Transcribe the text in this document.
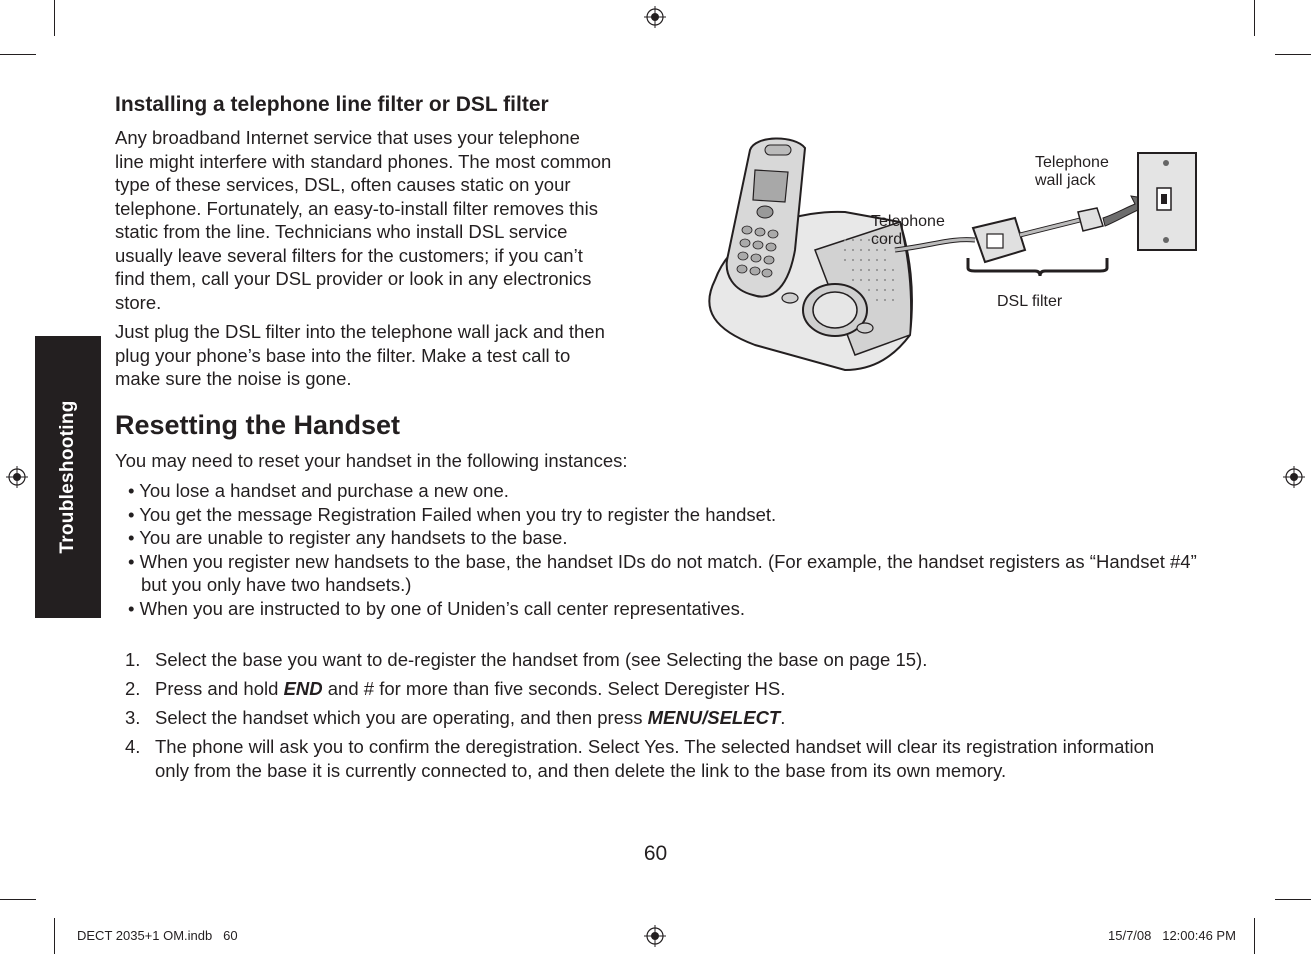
Troubleshooting
Installing a telephone line filter or DSL filter
Any broadband Internet service that uses your telephone
line might interfere with standard phones. The most common
type of these services, DSL, often causes static on your
telephone. Fortunately, an easy-to-install filter removes this
static from the line. Technicians who install DSL service
usually leave several filters for the customers; if you can’t
find them, call your DSL provider or look in any electronics
store.
Just plug the DSL filter into the telephone wall jack and then
plug your phone’s base into the filter. Make a test call to
make sure the noise is gone.
Telephone
cord
Telephone
wall jack
DSL filter
Resetting the Handset

You may need to reset your handset in the following instances:

• You lose a handset and purchase a new one.
• You get the message Registration Failed when you try to register the handset.
• You are unable to register any handsets to the base.
• When you register new handsets to the base, the handset IDs do not match. (For example, the handset registers as “Handset #4” but you only have two handsets.)
• When you are instructed to by one of Uniden’s call center representatives.
1. Select the base you want to de-register the handset from (see Selecting the base on page 15).
2. Press and hold END and # for more than five seconds. Select Deregister HS.
3. Select the handset which you are operating, and then press MENU/SELECT.
4. The phone will ask you to confirm the deregistration. Select Yes. The selected handset will clear its registration information only from the base it is currently connected to, and then delete the link to the base from its own memory.
60
DECT 2035+1 OM.indb   60	15/7/08   12:00:46 PM
